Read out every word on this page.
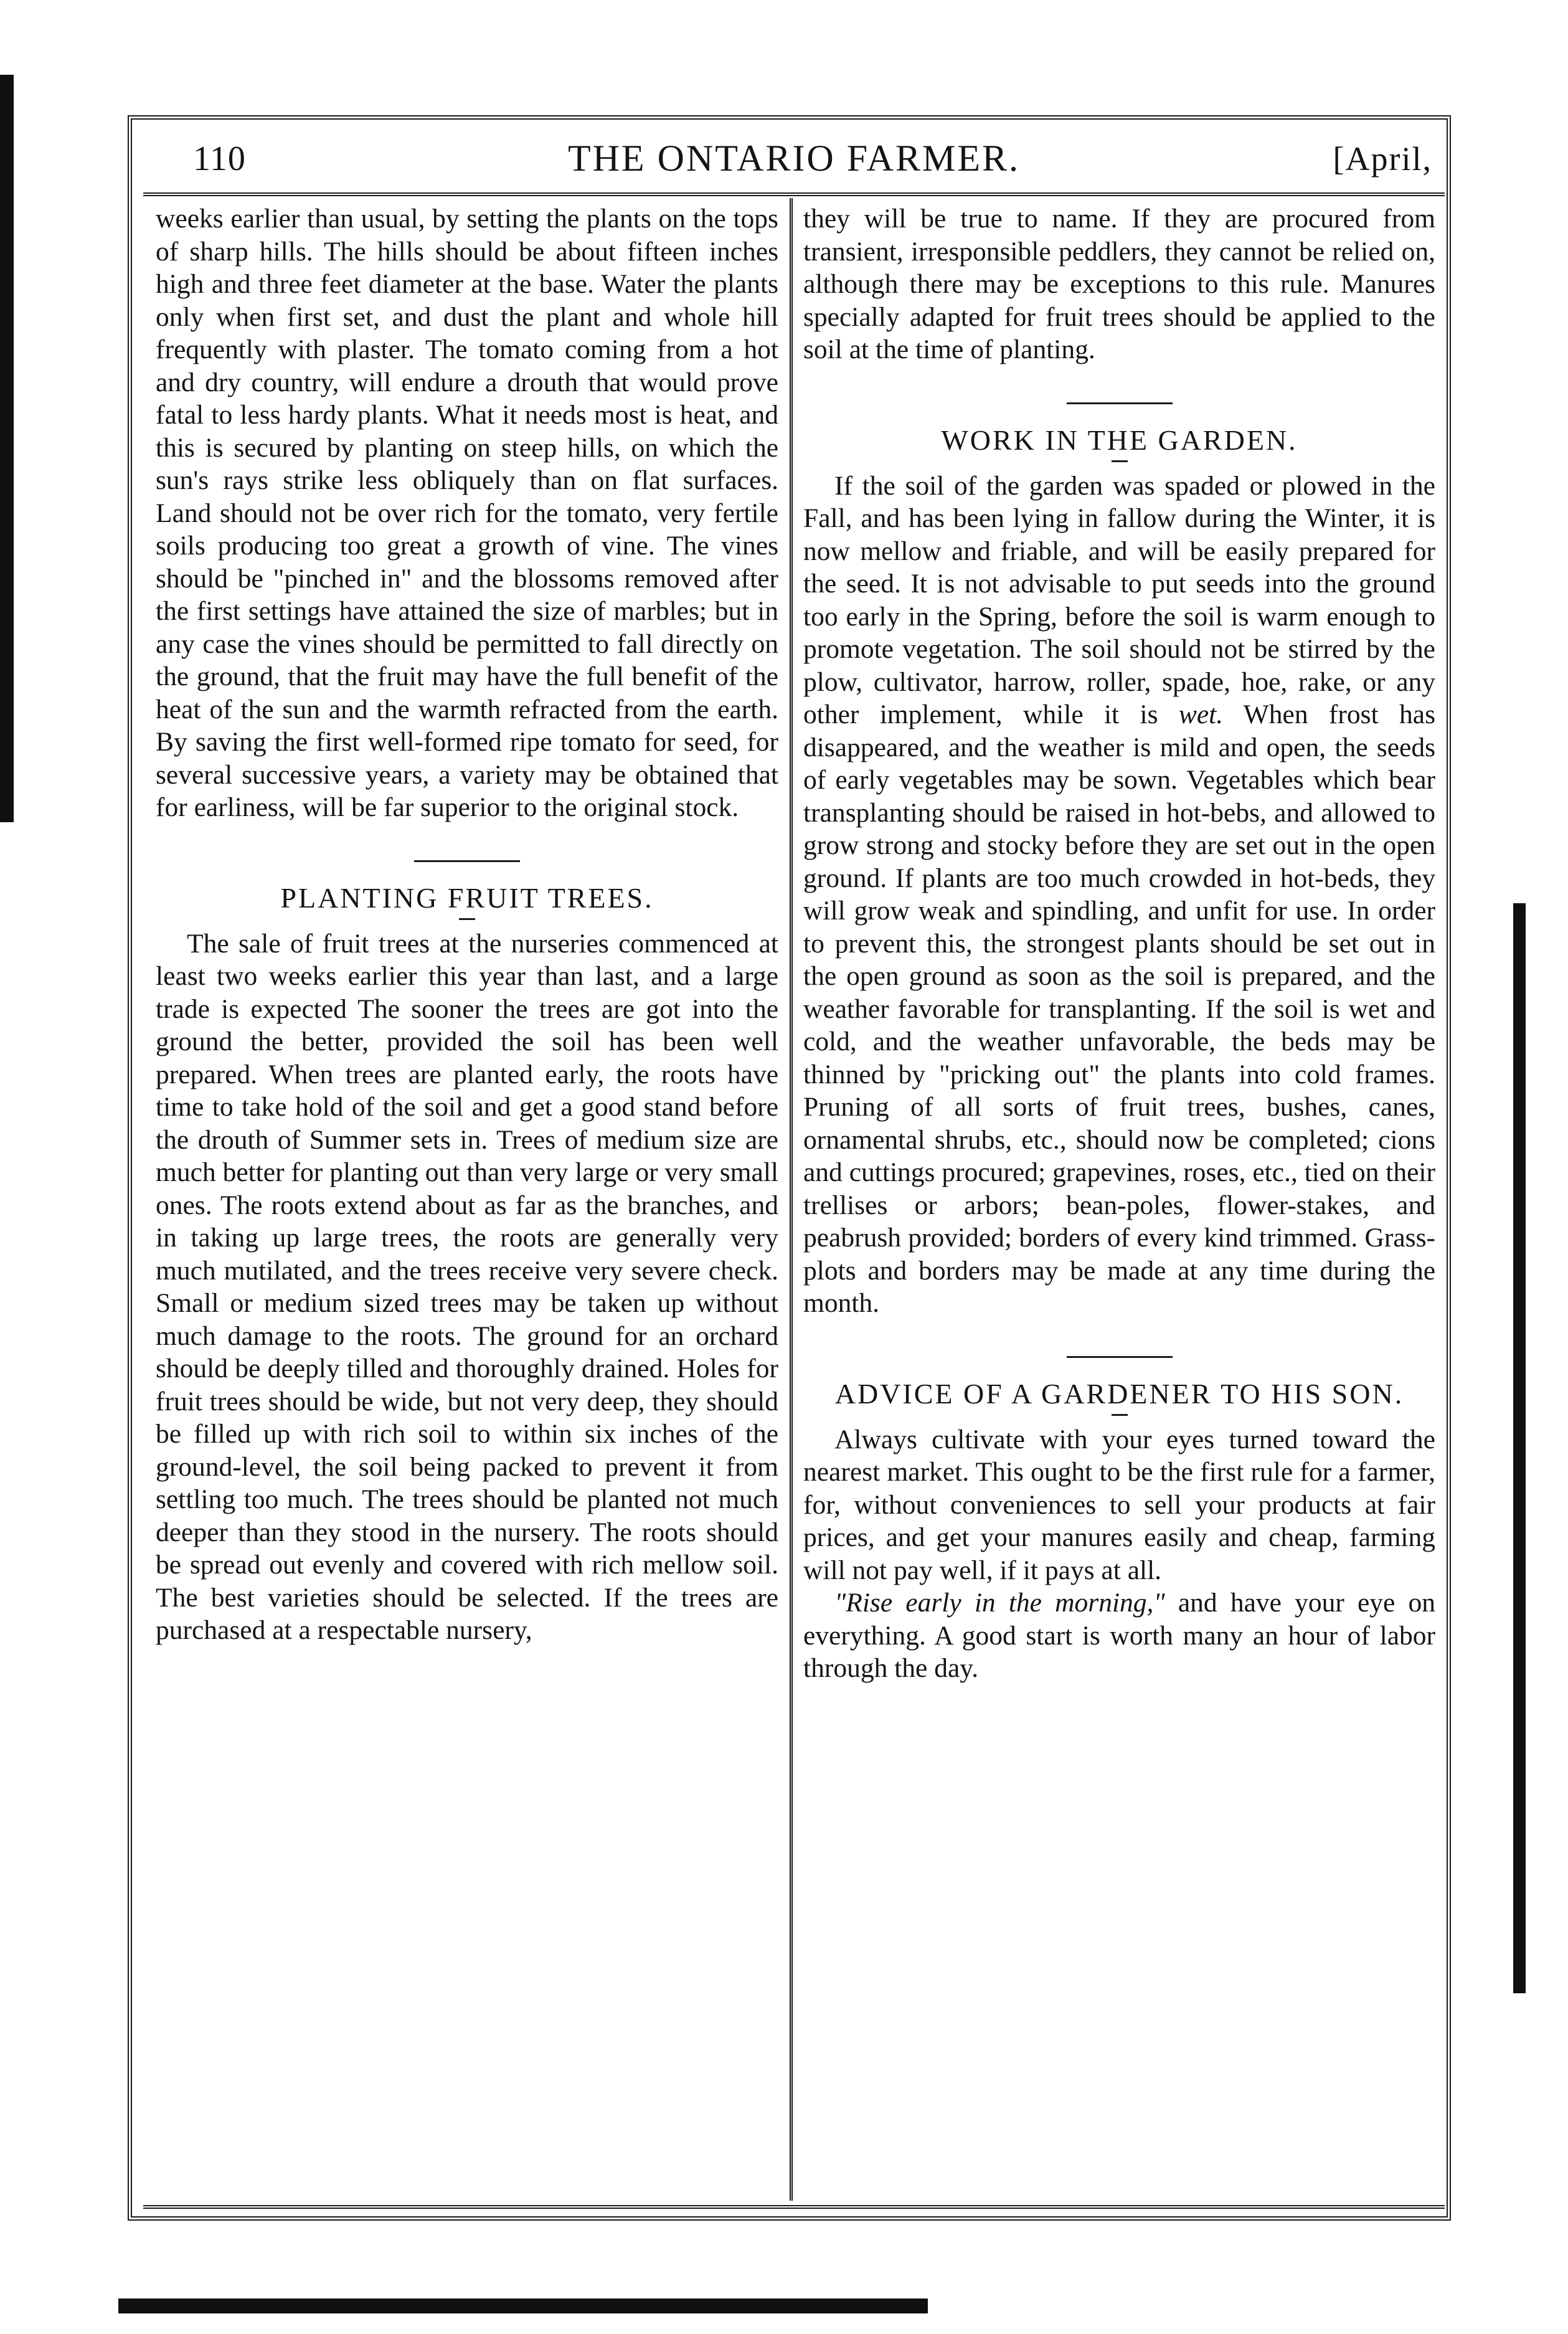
110	THE ONTARIO FARMER.	[April,

weeks earlier than usual, by setting the plants on the tops of sharp hills. The hills should be about fifteen inches high and three feet diameter at the base. Water the plants only when first set, and dust the plant and whole hill frequently with plaster. The tomato coming from a hot and dry country, will endure a drouth that would prove fatal to less hardy plants. What it needs most is heat, and this is secured by planting on steep hills, on which the sun's rays strike less obliquely than on flat surfaces. Land should not be over rich for the tomato, very fertile soils producing too great a growth of vine. The vines should be "pinched in" and the blossoms removed after the first settings have attained the size of marbles; but in any case the vines should be permitted to fall directly on the ground, that the fruit may have the full benefit of the heat of the sun and the warmth refracted from the earth. By saving the first well-formed ripe tomato for seed, for several successive years, a variety may be obtained that for earliness, will be far superior to the original stock.

PLANTING FRUIT TREES.

The sale of fruit trees at the nurseries commenced at least two weeks earlier this year than last, and a large trade is expected The sooner the trees are got into the ground the better, provided the soil has been well prepared. When trees are planted early, the roots have time to take hold of the soil and get a good stand before the drouth of Summer sets in. Trees of medium size are much better for planting out than very large or very small ones. The roots extend about as far as the branches, and in taking up large trees, the roots are generally very much mutilated, and the trees receive very severe check. Small or medium sized trees may be taken up without much damage to the roots. The ground for an orchard should be deeply tilled and thoroughly drained. Holes for fruit trees should be wide, but not very deep, they should be filled up with rich soil to within six inches of the ground-level, the soil being packed to prevent it from settling too much. The trees should be planted not much deeper than they stood in the nursery. The roots should be spread out evenly and covered with rich mellow soil. The best varieties should be selected. If the trees are purchased at a respectable nursery,

they will be true to name. If they are procured from transient, irresponsible peddlers, they cannot be relied on, although there may be exceptions to this rule. Manures specially adapted for fruit trees should be applied to the soil at the time of planting.

WORK IN THE GARDEN.

If the soil of the garden was spaded or plowed in the Fall, and has been lying in fallow during the Winter, it is now mellow and friable, and will be easily prepared for the seed. It is not advisable to put seeds into the ground too early in the Spring, before the soil is warm enough to promote vegetation. The soil should not be stirred by the plow, cultivator, harrow, roller, spade, hoe, rake, or any other implement, while it is wet. When frost has disappeared, and the weather is mild and open, the seeds of early vegetables may be sown. Vegetables which bear transplanting should be raised in hot-bebs, and allowed to grow strong and stocky before they are set out in the open ground. If plants are too much crowded in hot-beds, they will grow weak and spindling, and unfit for use. In order to prevent this, the strongest plants should be set out in the open ground as soon as the soil is prepared, and the weather favorable for transplanting. If the soil is wet and cold, and the weather unfavorable, the beds may be thinned by "pricking out" the plants into cold frames. Pruning of all sorts of fruit trees, bushes, canes, ornamental shrubs, etc., should now be completed; cions and cuttings procured; grapevines, roses, etc., tied on their trellises or arbors; bean-poles, flower-stakes, and peabrush provided; borders of every kind trimmed. Grass-plots and borders may be made at any time during the month.

ADVICE OF A GARDENER TO HIS SON.

Always cultivate with your eyes turned toward the nearest market. This ought to be the first rule for a farmer, for, without conveniences to sell your products at fair prices, and get your manures easily and cheap, farming will not pay well, if it pays at all.

"Rise early in the morning," and have your eye on everything. A good start is worth many an hour of labor through the day.
